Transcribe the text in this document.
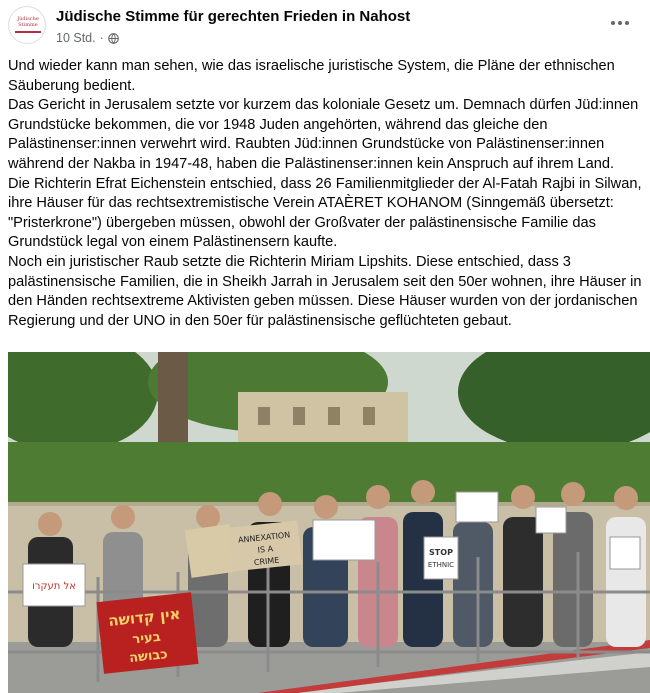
Jüdische Stimme	Jüdische Stimme für gerechten Frieden in Nahost
10 Std. ·

Und wieder kann man sehen, wie das israelische juristische System, die Pläne der ethnischen Säuberung bedient.

Das Gericht in Jerusalem setzte vor kurzem das koloniale Gesetz um. Demnach dürfen Jüd:innen Grundstücke bekommen, die vor 1948 Juden angehörten, während das gleiche den Palästinenser:innen verwehrt wird. Raubten Jüd:innen Grundstücke von Palästinenser:innen während der Nakba in 1947-48, haben die Palästinenser:innen kein Anspruch auf ihrem Land.

Die Richterin Efrat Eichenstein entschied, dass 26 Familienmitglieder der Al-Fatah Rajbi in Silwan, ihre Häuser für das rechtsextremistische Verein ATAÈRET KOHANOM (Sinngemäß übersetzt: "Pristerkrone") übergeben müssen, obwohl der Großvater der palästinensische Familie das Grundstück legal von einem Palästinensern kaufte.

Noch ein juristischer Raub setzte die Richterin Miriam Lipshits. Diese entschied, dass 3 palästinensische Familien, die in Sheikh Jarrah in Jerusalem seit den 50er wohnen, ihre Häuser in den Händen rechtsextreme Aktivisten geben müssen. Diese Häuser wurden von der jordanischen Regierung und der UNO in den 50er für palästinensische geflüchteten gebaut.

אל תעקרו
אין קדושה
בעיר
כבושה
ANNEXATION
IS A
CRIME
STOP
ETHNIC
